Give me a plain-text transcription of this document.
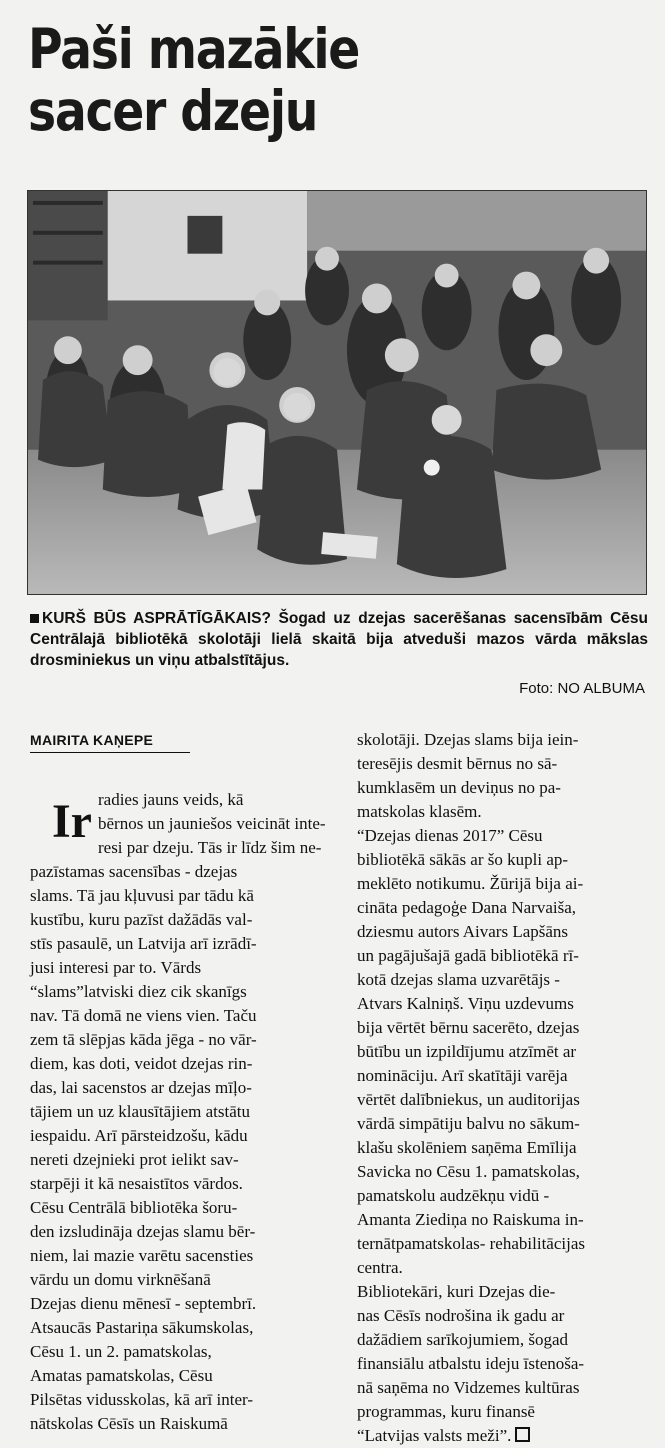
Paši mazākie
sacer dzeju
KURŠ BŪS ASPRĀTĪGĀKAIS? Šogad uz dzejas sacerēšanas sacensībām Cēsu Centrālajā bibliotēkā skolotāji lielā skaitā bija atveduši mazos vārda mākslas drosminiekus un viņu atbalstītājus.
Foto: NO ALBUMA
MAIRITA KAŅEPE
Ir radies jauns veids, kā
bērnos un jauniešos veicināt inte-
resi par dzeju. Tās ir līdz šim ne-
pazīstamas sacensības - dzejas
slams. Tā jau kļuvusi par tādu kā
kustību, kuru pazīst dažādās val-
stīs pasaulē, un Latvija arī izrādī-
jusi interesi par to. Vārds
“slams”latviski diez cik skanīgs
nav. Tā domā ne viens vien. Taču
zem tā slēpjas kāda jēga - no vār-
diem, kas doti, veidot dzejas rin-
das, lai sacenstos ar dzejas mīļo-
tājiem un uz klausītājiem atstātu
iespaidu. Arī pārsteidzošu, kādu
nereti dzejnieki prot ielikt sav-
starpēji it kā nesaistītos vārdos.
Cēsu Centrālā bibliotēka šoru-
den izsludināja dzejas slamu bēr-
niem, lai mazie varētu sacensties
vārdu un domu virknēšanā
Dzejas dienu mēnesī - septembrī.
Atsaucās Pastariņa sākumskolas,
Cēsu 1. un 2. pamatskolas,
Amatas pamatskolas, Cēsu
Pilsētas vidusskolas, kā arī inter-
nātskolas Cēsīs un Raiskumā

skolotāji. Dzejas slams bija iein-
teresējis desmit bērnus no sā-
kumklasēm un deviņus no pa-
matskolas klasēm.

“Dzejas dienas 2017” Cēsu
bibliotēkā sākās ar šo kupli ap-
meklēto notikumu. Žūrijā bija ai-
cināta pedagoģe Dana Narvaiša,
dziesmu autors Aivars Lapšāns
un pagājušajā gadā bibliotēkā rī-
kotā dzejas slama uzvarētājs -
Atvars Kalniņš. Viņu uzdevums
bija vērtēt bērnu sacerēto, dzejas
būtību un izpildījumu atzīmēt ar
nomināciju. Arī skatītāji varēja
vērtēt dalībniekus, un auditorijas
vārdā simpātiju balvu no sākum-
klašu skolēniem saņēma Emīlija
Savicka no Cēsu 1. pamatskolas,
pamatskolu audzēkņu vidū -
Amanta Ziediņa no Raiskuma in-
ternātpamatskolas- rehabilitācijas
centra.

Bibliotekāri, kuri Dzejas die-
nas Cēsīs nodrošina ik gadu ar
dažādiem sarīkojumiem, šogad
finansiālu atbalstu ideju īstenoša-
nā saņēma no Vidzemes kultūras
programmas, kuru finansē
“Latvijas valsts meži”.
